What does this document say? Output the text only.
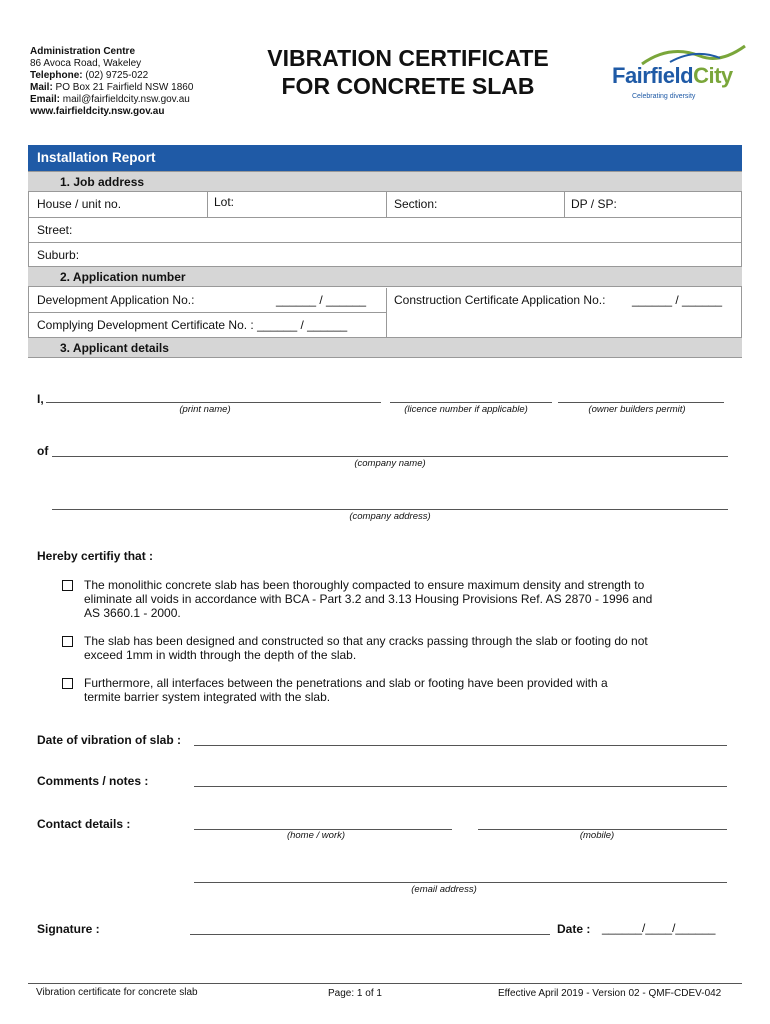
Administration Centre
86 Avoca Road, Wakeley
Telephone: (02) 9725-022
Mail: PO Box 21 Fairfield NSW 1860
Email: mail@fairfieldcity.nsw.gov.au
www.fairfieldcity.nsw.gov.au
VIBRATION CERTIFICATE
FOR CONCRETE SLAB	FairfieldCity
Celebrating diversity
Installation Report
1. Job address
House / unit no.	Lot:	Section:	DP / SP:
Street:
Suburb:
2. Application number
Development Application No.:	______ / ______ Construction Certificate Application No.: ______ / ______
Complying Development Certificate No. : ______ / ______
3. Applicant details
I,
(print name)	(licence number if applicable)	(owner builders permit)
of
(company name)
(company address)
Hereby certifiy that :
The monolithic concrete slab has been thoroughly compacted to ensure maximum density and strength to
eliminate all voids in accordance with BCA - Part 3.2 and 3.13 Housing Provisions Ref. AS 2870 - 1996 and
AS 3660.1 - 2000.
The slab has been designed and constructed so that any cracks passing through the slab or footing do not
exceed 1mm in width through the depth of the slab.
Furthermore, all interfaces between the penetrations and slab or footing have been provided with a
termite barrier system integrated with the slab.
Date of vibration of slab :
Comments / notes :
Contact details :
(home / work)	(mobile)
(email address)
Signature :	Date : ______/____/______
Vibration certificate for concrete slab	Page: 1 of 1	Effective April 2019 - Version 02 - QMF-CDEV-042
